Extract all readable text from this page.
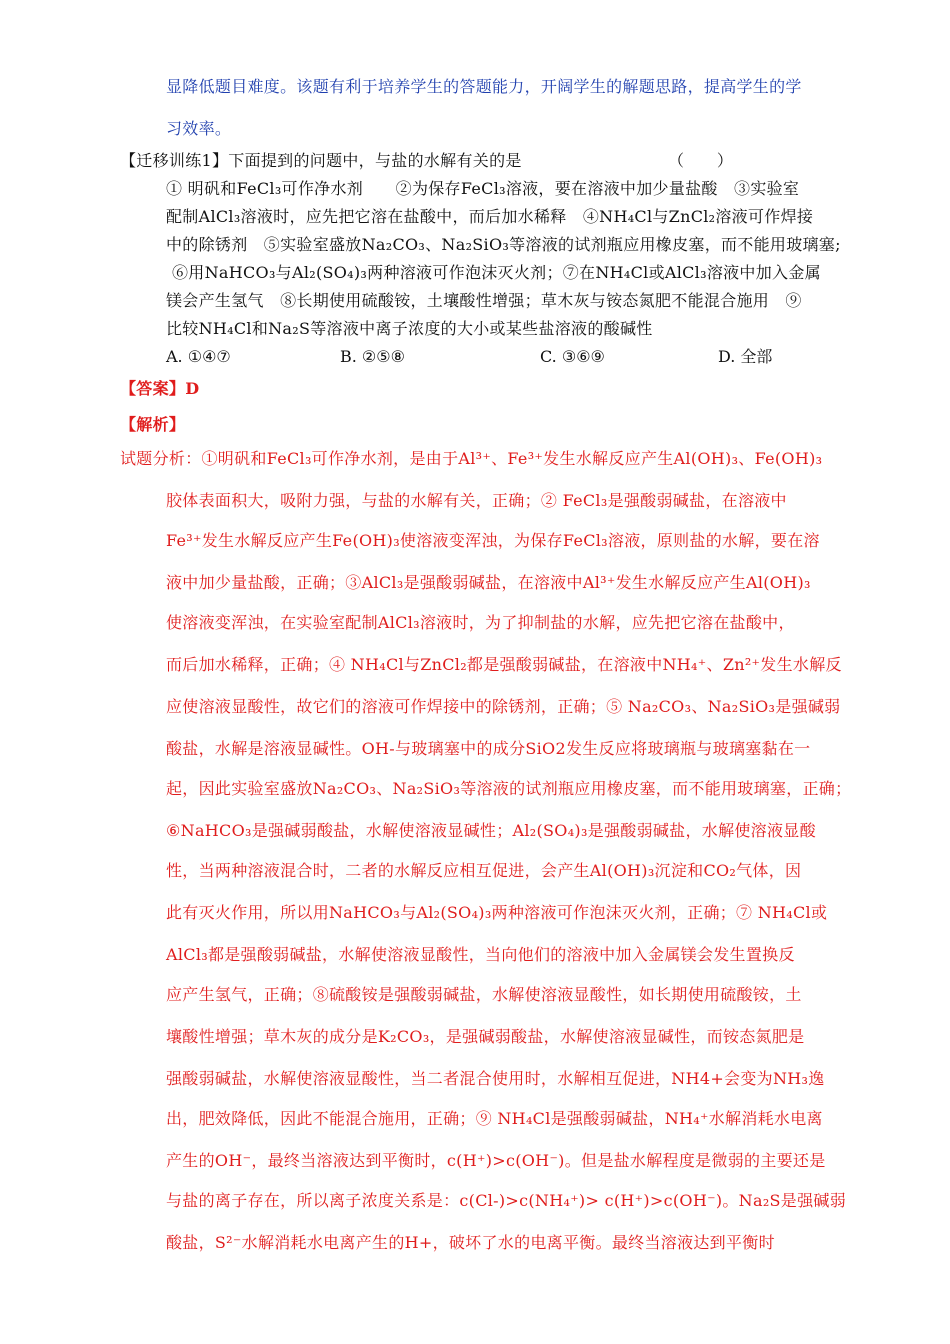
显降低题目难度。该题有利于培养学生的答题能力，开阔学生的解题思路，提高学生的学
习效率。
【迁移训练1】下面提到的问题中，与盐的水解有关的是	（　　）
① 明矾和FeCl₃可作净水剂　　②为保存FeCl₃溶液，要在溶液中加少量盐酸　③实验室
配制AlCl₃溶液时，应先把它溶在盐酸中，而后加水稀释　④NH₄Cl与ZnCl₂溶液可作焊接
中的除锈剂　⑤实验室盛放Na₂CO₃、Na₂SiO₃等溶液的试剂瓶应用橡皮塞，而不能用玻璃塞;
⑥用NaHCO₃与Al₂(SO₄)₃两种溶液可作泡沫灭火剂；⑦在NH₄Cl或AlCl₃溶液中加入金属
镁会产生氢气　⑧长期使用硫酸铵，土壤酸性增强；草木灰与铵态氮肥不能混合施用　⑨
比较NH₄Cl和Na₂S等溶液中离子浓度的大小或某些盐溶液的酸碱性
A. ①④⑦	B. ②⑤⑧	C. ③⑥⑨	D. 全部
【答案】D
【解析】
试题分析：①明矾和FeCl₃可作净水剂，是由于Al³⁺、Fe³⁺发生水解反应产生Al(OH)₃、Fe(OH)₃
胶体表面积大，吸附力强，与盐的水解有关，正确；② FeCl₃是强酸弱碱盐，在溶液中
Fe³⁺发生水解反应产生Fe(OH)₃使溶液变浑浊，为保存FeCl₃溶液，原则盐的水解，要在溶
液中加少量盐酸，正确；③AlCl₃是强酸弱碱盐，在溶液中Al³⁺发生水解反应产生Al(OH)₃
使溶液变浑浊，在实验室配制AlCl₃溶液时，为了抑制盐的水解，应先把它溶在盐酸中，
而后加水稀释，正确；④ NH₄Cl与ZnCl₂都是强酸弱碱盐，在溶液中NH₄⁺、Zn²⁺发生水解反
应使溶液显酸性，故它们的溶液可作焊接中的除锈剂，正确；⑤ Na₂CO₃、Na₂SiO₃是强碱弱
酸盐，水解是溶液显碱性。OH-与玻璃塞中的成分SiO2发生反应将玻璃瓶与玻璃塞黏在一
起，因此实验室盛放Na₂CO₃、Na₂SiO₃等溶液的试剂瓶应用橡皮塞，而不能用玻璃塞，正确；
⑥NaHCO₃是强碱弱酸盐，水解使溶液显碱性；Al₂(SO₄)₃是强酸弱碱盐，水解使溶液显酸
性，当两种溶液混合时，二者的水解反应相互促进，会产生Al(OH)₃沉淀和CO₂气体，因
此有灭火作用，所以用NaHCO₃与Al₂(SO₄)₃两种溶液可作泡沫灭火剂，正确；⑦ NH₄Cl或
AlCl₃都是强酸弱碱盐，水解使溶液显酸性，当向他们的溶液中加入金属镁会发生置换反
应产生氢气，正确；⑧硫酸铵是强酸弱碱盐，水解使溶液显酸性，如长期使用硫酸铵，土
壤酸性增强；草木灰的成分是K₂CO₃，是强碱弱酸盐，水解使溶液显碱性，而铵态氮肥是
强酸弱碱盐，水解使溶液显酸性，当二者混合使用时，水解相互促进，NH4+会变为NH₃逸
出，肥效降低，因此不能混合施用，正确；⑨ NH₄Cl是强酸弱碱盐，NH₄⁺水解消耗水电离
产生的OH⁻，最终当溶液达到平衡时，c(H⁺)>c(OH⁻)。但是盐水解程度是微弱的主要还是
与盐的离子存在，所以离子浓度关系是：c(Cl-)>c(NH₄⁺)> c(H⁺)>c(OH⁻)。Na₂S是强碱弱
酸盐，S²⁻水解消耗水电离产生的H+，破坏了水的电离平衡。最终当溶液达到平衡时
